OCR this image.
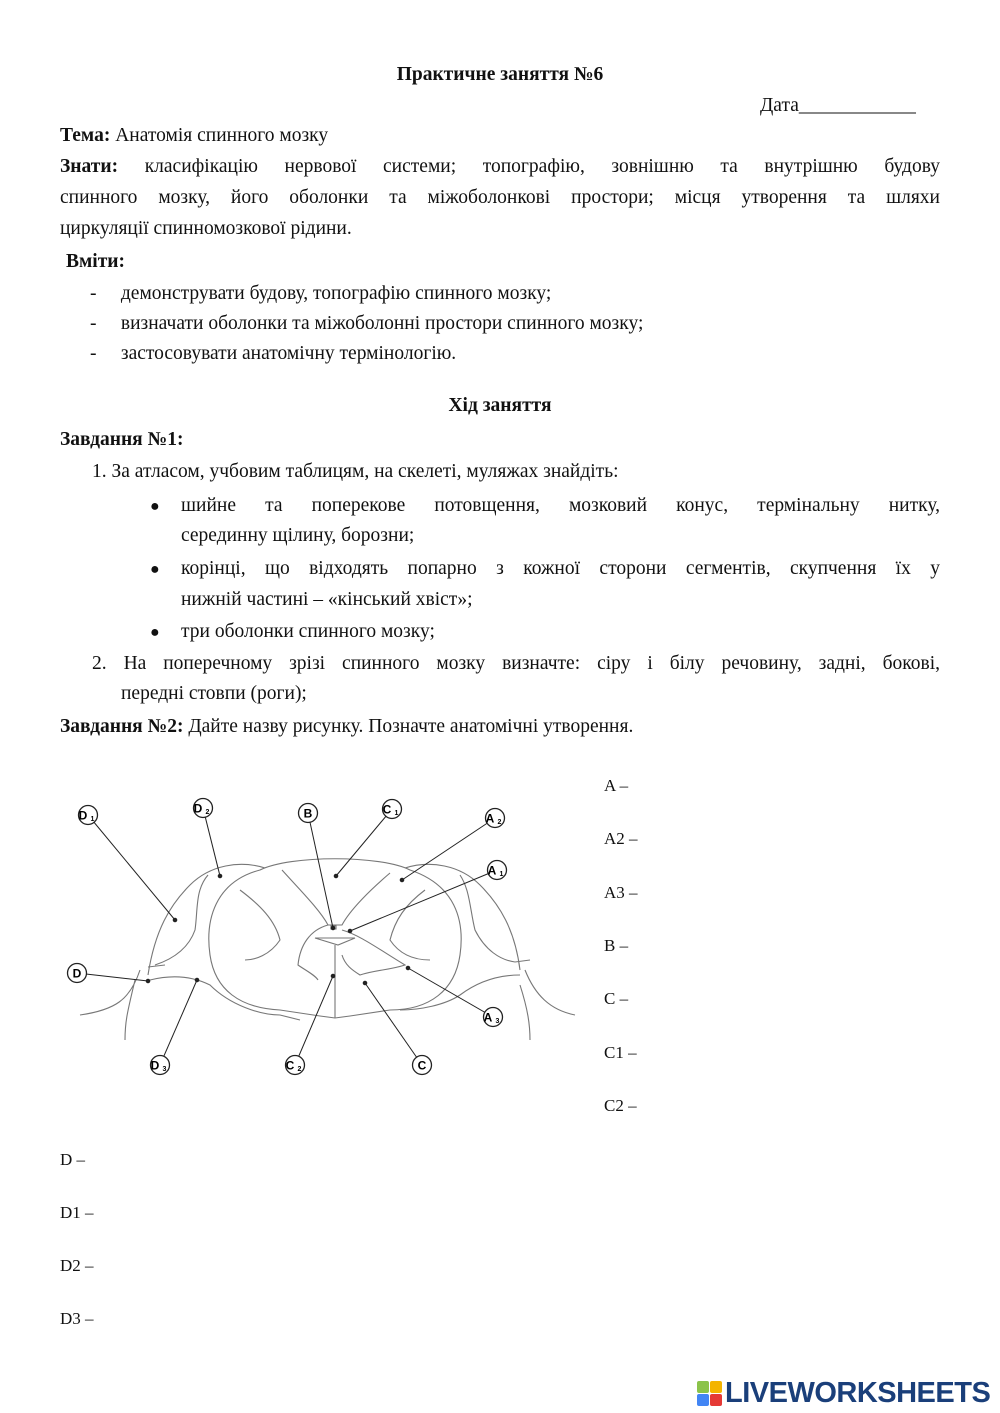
Практичне заняття №6
Дата____________
Тема: Анатомія спинного мозку
Знати: класифікацію нервової системи; топографію, зовнішню та внутрішню будову
спинного мозку, його оболонки та міжоболонкові простори; місця утворення та шляхи
циркуляції спинномозкової рідини.
Вміти:
-     демонструвати будову, топографію спинного мозку;
-     визначати оболонки та міжоболонні простори спинного мозку;
-     застосовувати анатомічну термінологію.
Хід заняття
Завдання №1:
1. За атласом, учбовим таблицям, на скелеті, муляжах знайдіть:
● шийне та поперекове потовщення, мозковий конус, термінальну нитку,
серединну щілину, борозни;
● корінці, що відходять попарно з кожної сторони сегментів, скупчення їх у
нижній частині – «кінський хвіст»;
● три оболонки спинного мозку;
2. На поперечному зрізі спинного мозку визначте: сіру і білу речовину, задні, бокові,
передні стовпи (роги);
Завдання №2: Дайте назву рисунку. Позначте анатомічні утворення.
D 1
D 2	B	C 1	A 2
A 1
D
D 3	C 2	C
A 3
A –
A2 –
A3 –
B –
C –
C1 –
C2 –
D –
D1 –
D2 –
D3 –
LIVEWORKSHEETS
